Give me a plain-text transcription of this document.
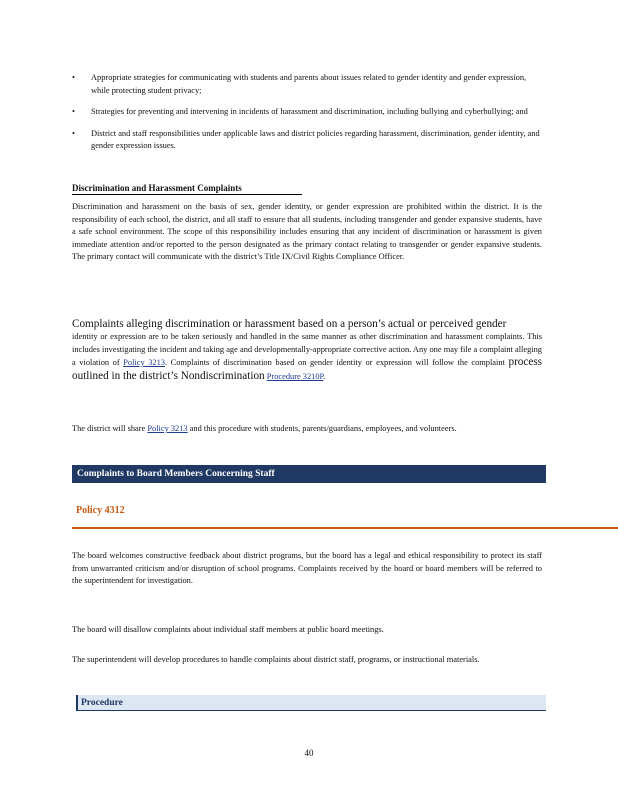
• Appropriate strategies for communicating with students and parents about issues related to gender identity and gender expression, while protecting student privacy;
• Strategies for preventing and intervening in incidents of harassment and discrimination, including bullying and cyberbullying; and
• District and staff responsibilities under applicable laws and district policies regarding harassment, discrimination, gender identity, and gender expression issues.
Discrimination and Harassment Complaints
Discrimination and harassment on the basis of sex, gender identity, or gender expression are prohibited within the district. It is the responsibility of each school, the district, and all staff to ensure that all students, including transgender and gender expansive students, have a safe school environment. The scope of this responsibility includes ensuring that any incident of discrimination or harassment is given immediate attention and/or reported to the person designated as the primary contact relating to transgender or gender expansive students. The primary contact will communicate with the district’s Title IX/Civil Rights Compliance Officer.
Complaints alleging discrimination or harassment based on a person’s actual or perceived gender
identity or expression are to be taken seriously and handled in the same manner as other discrimination and harassment complaints. This includes investigating the incident and taking age and developmentally-appropriate corrective action. Any one may file a complaint alleging a violation of Policy 3213. Complaints of discrimination based on gender identity or expression will follow the complaint process outlined in the district’s Nondiscrimination Procedure 3210P.
The district will share Policy 3213 and this procedure with students, parents/guardians, employees, and volunteers.
Complaints to Board Members Concerning Staff
Policy 4312
The board welcomes constructive feedback about district programs, but the board has a legal and ethical responsibility to protect its staff from unwarranted criticism and/or disruption of school programs. Complaints received by the board or board members will be referred to the superintendent for investigation.
The board will disallow complaints about individual staff members at public board meetings.
The superintendent will develop procedures to handle complaints about district staff, programs, or instructional materials.
Procedure
40
